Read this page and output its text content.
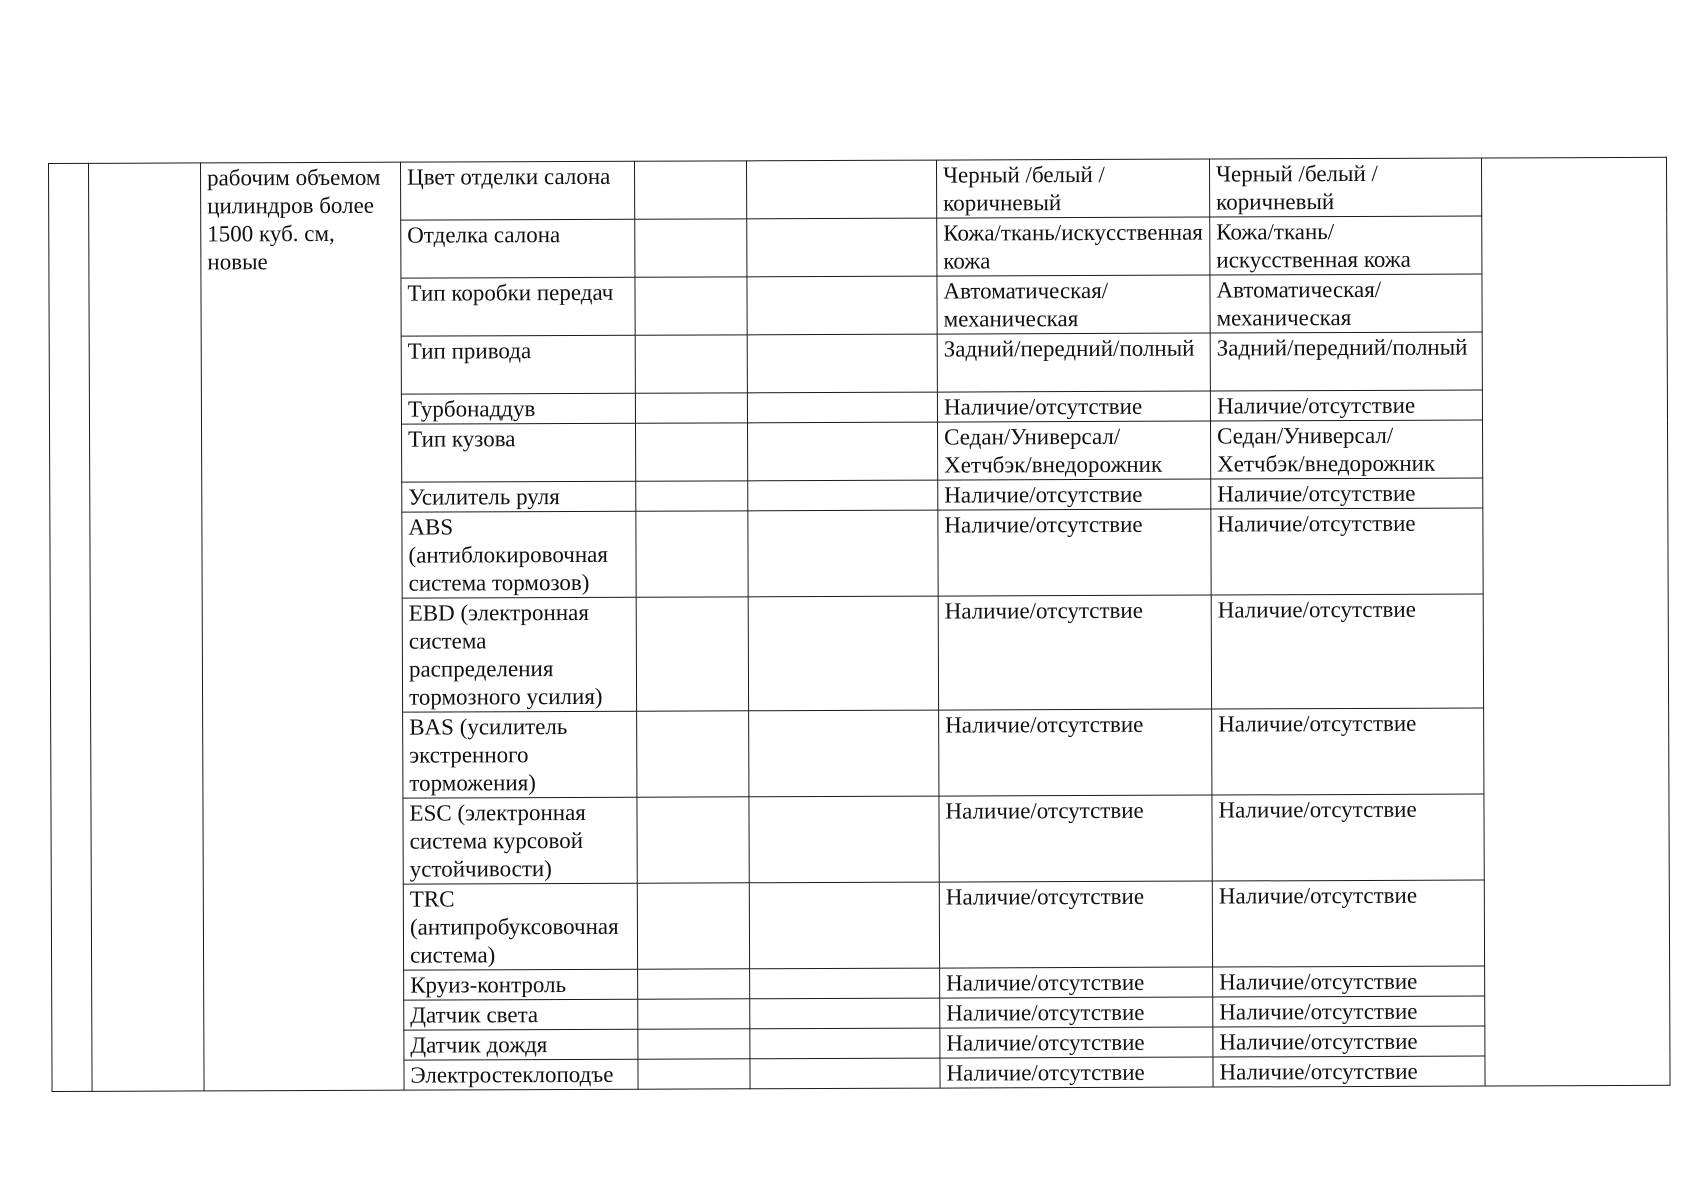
		рабочим объемом цилиндров более 1500 куб. см, новые	Цвет отделки салона			Черный /белый / коричневый	Черный /белый / коричневый	
			Отделка салона			Кожа/ткань/искусственная кожа	Кожа/ткань/искусственная кожа	
			Тип коробки передач			Автоматическая/механическая	Автоматическая/механическая	
			Тип привода			Задний/передний/полный	Задний/передний/полный	
			Турбонаддув			Наличие/отсутствие	Наличие/отсутствие	
			Тип кузова			Седан/Универсал/Хетчбэк/внедорожник	Седан/Универсал/Хетчбэк/внедорожник	
			Усилитель руля			Наличие/отсутствие	Наличие/отсутствие	
			ABS (антиблокировочная система тормозов)			Наличие/отсутствие	Наличие/отсутствие	
			EBD (электронная система распределения тормозного усилия)			Наличие/отсутствие	Наличие/отсутствие	
			BAS (усилитель экстренного торможения)			Наличие/отсутствие	Наличие/отсутствие	
			ESC (электронная система курсовой устойчивости)			Наличие/отсутствие	Наличие/отсутствие	
			TRC (антипробуксовочная система)			Наличие/отсутствие	Наличие/отсутствие	
			Круиз-контроль			Наличие/отсутствие	Наличие/отсутствие	
			Датчик света			Наличие/отсутствие	Наличие/отсутствие	
			Датчик дождя			Наличие/отсутствие	Наличие/отсутствие	
			Электростеклоподъе			Наличие/отсутствие	Наличие/отсутствие	
